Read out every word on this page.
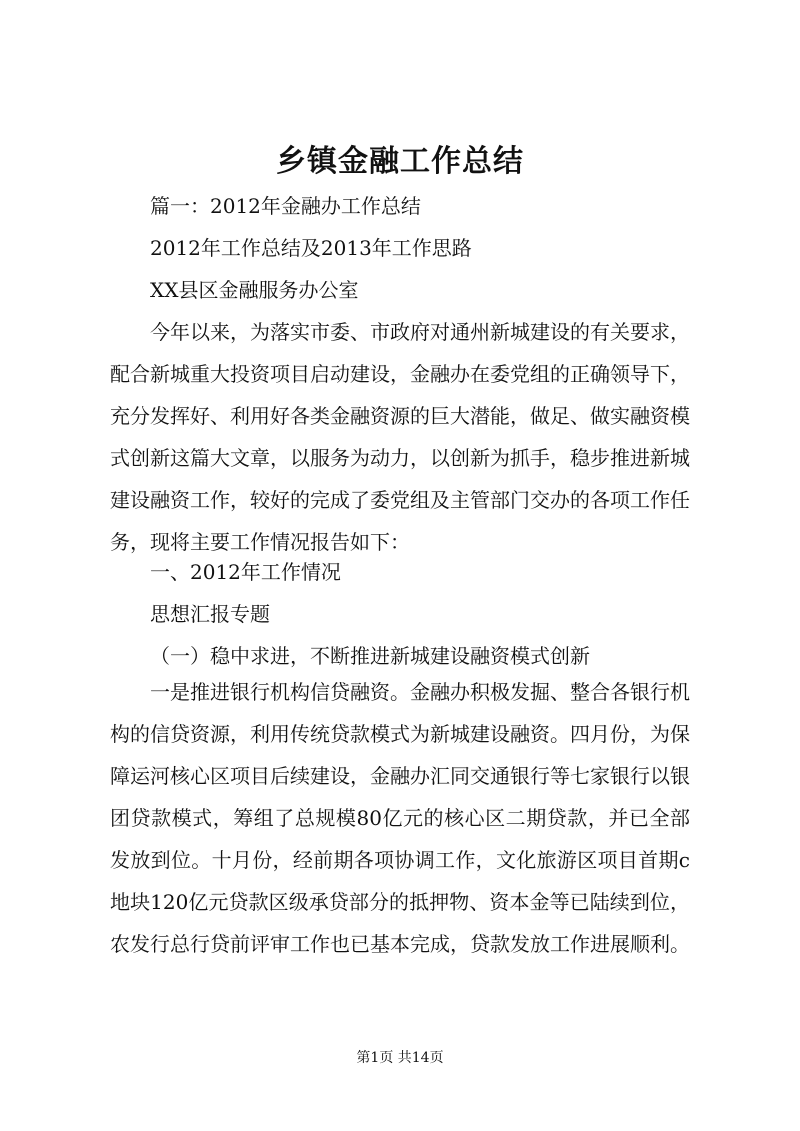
乡镇金融工作总结
篇一：2012年金融办工作总结
2012年工作总结及2013年工作思路
XX县区金融服务办公室
今年以来，为落实市委、市政府对通州新城建设的有关要求，配合新城重大投资项目启动建设，金融办在委党组的正确领导下，充分发挥好、利用好各类金融资源的巨大潜能，做足、做实融资模式创新这篇大文章，以服务为动力，以创新为抓手，稳步推进新城建设融资工作，较好的完成了委党组及主管部门交办的各项工作任务，现将主要工作情况报告如下：
一、2012年工作情况
思想汇报专题
（一）稳中求进，不断推进新城建设融资模式创新
一是推进银行机构信贷融资。金融办积极发掘、整合各银行机构的信贷资源，利用传统贷款模式为新城建设融资。四月份，为保障运河核心区项目后续建设，金融办汇同交通银行等七家银行以银团贷款模式，筹组了总规模80亿元的核心区二期贷款，并已全部发放到位。十月份，经前期各项协调工作，文化旅游区项目首期c地块120亿元贷款区级承贷部分的抵押物、资本金等已陆续到位，农发行总行贷前评审工作也已基本完成，贷款发放工作进展顺利。
第1页 共14页
